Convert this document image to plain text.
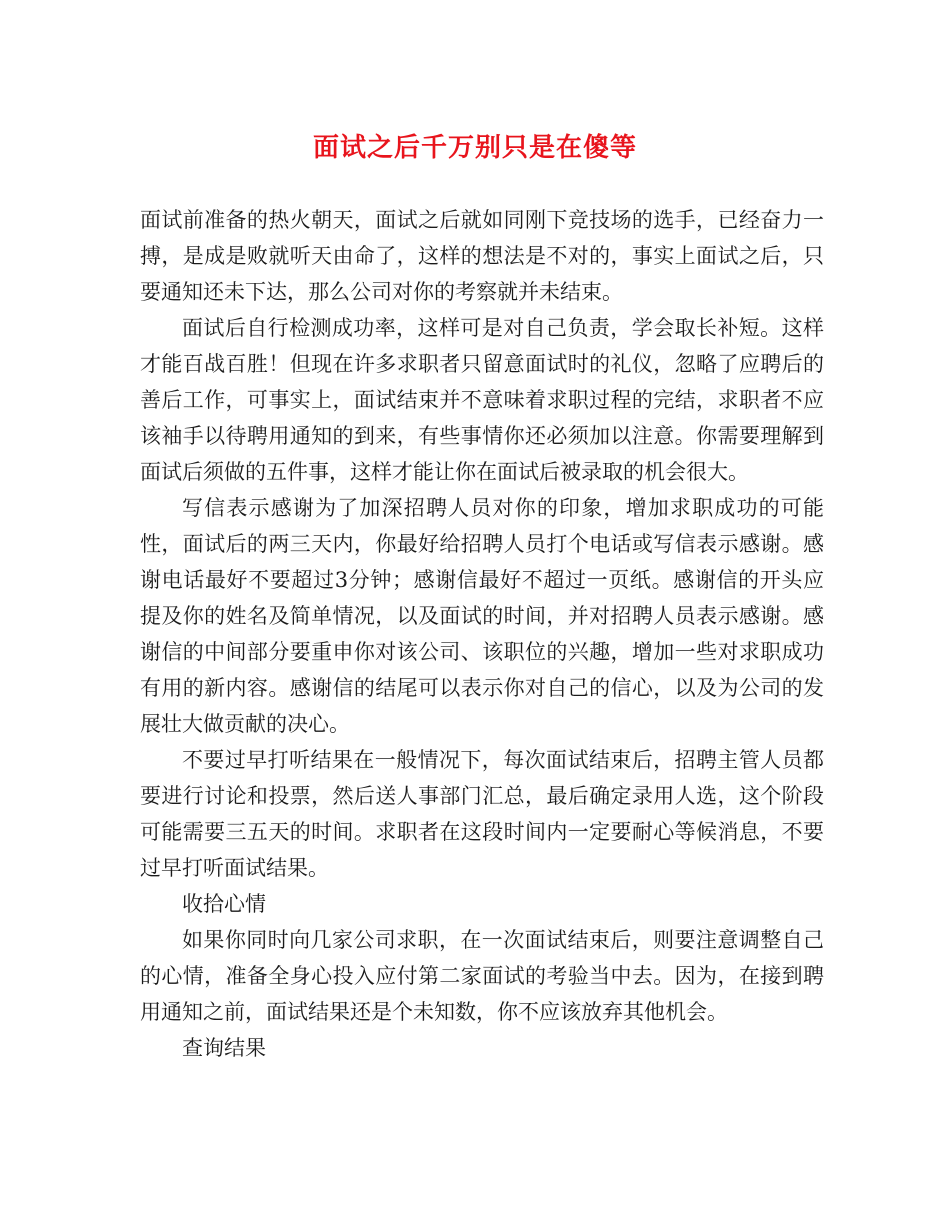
面试之后千万别只是在傻等

面试前准备的热火朝天，面试之后就如同刚下竞技场的选手，已经奋力一搏，是成是败就听天由命了，这样的想法是不对的，事实上面试之后，只要通知还未下达，那么公司对你的考察就并未结束。

面试后自行检测成功率，这样可是对自己负责，学会取长补短。这样才能百战百胜！但现在许多求职者只留意面试时的礼仪，忽略了应聘后的善后工作，可事实上，面试结束并不意味着求职过程的完结，求职者不应该袖手以待聘用通知的到来，有些事情你还必须加以注意。你需要理解到面试后须做的五件事，这样才能让你在面试后被录取的机会很大。

写信表示感谢为了加深招聘人员对你的印象，增加求职成功的可能性，面试后的两三天内，你最好给招聘人员打个电话或写信表示感谢。感谢电话最好不要超过3分钟；感谢信最好不超过一页纸。感谢信的开头应提及你的姓名及简单情况，以及面试的时间，并对招聘人员表示感谢。感谢信的中间部分要重申你对该公司、该职位的兴趣，增加一些对求职成功有用的新内容。感谢信的结尾可以表示你对自己的信心，以及为公司的发展壮大做贡献的决心。

不要过早打听结果在一般情况下，每次面试结束后，招聘主管人员都要进行讨论和投票，然后送人事部门汇总，最后确定录用人选，这个阶段可能需要三五天的时间。求职者在这段时间内一定要耐心等候消息，不要过早打听面试结果。

收拾心情

如果你同时向几家公司求职，在一次面试结束后，则要注意调整自己的心情，准备全身心投入应付第二家面试的考验当中去。因为，在接到聘用通知之前，面试结果还是个未知数，你不应该放弃其他机会。

查询结果
